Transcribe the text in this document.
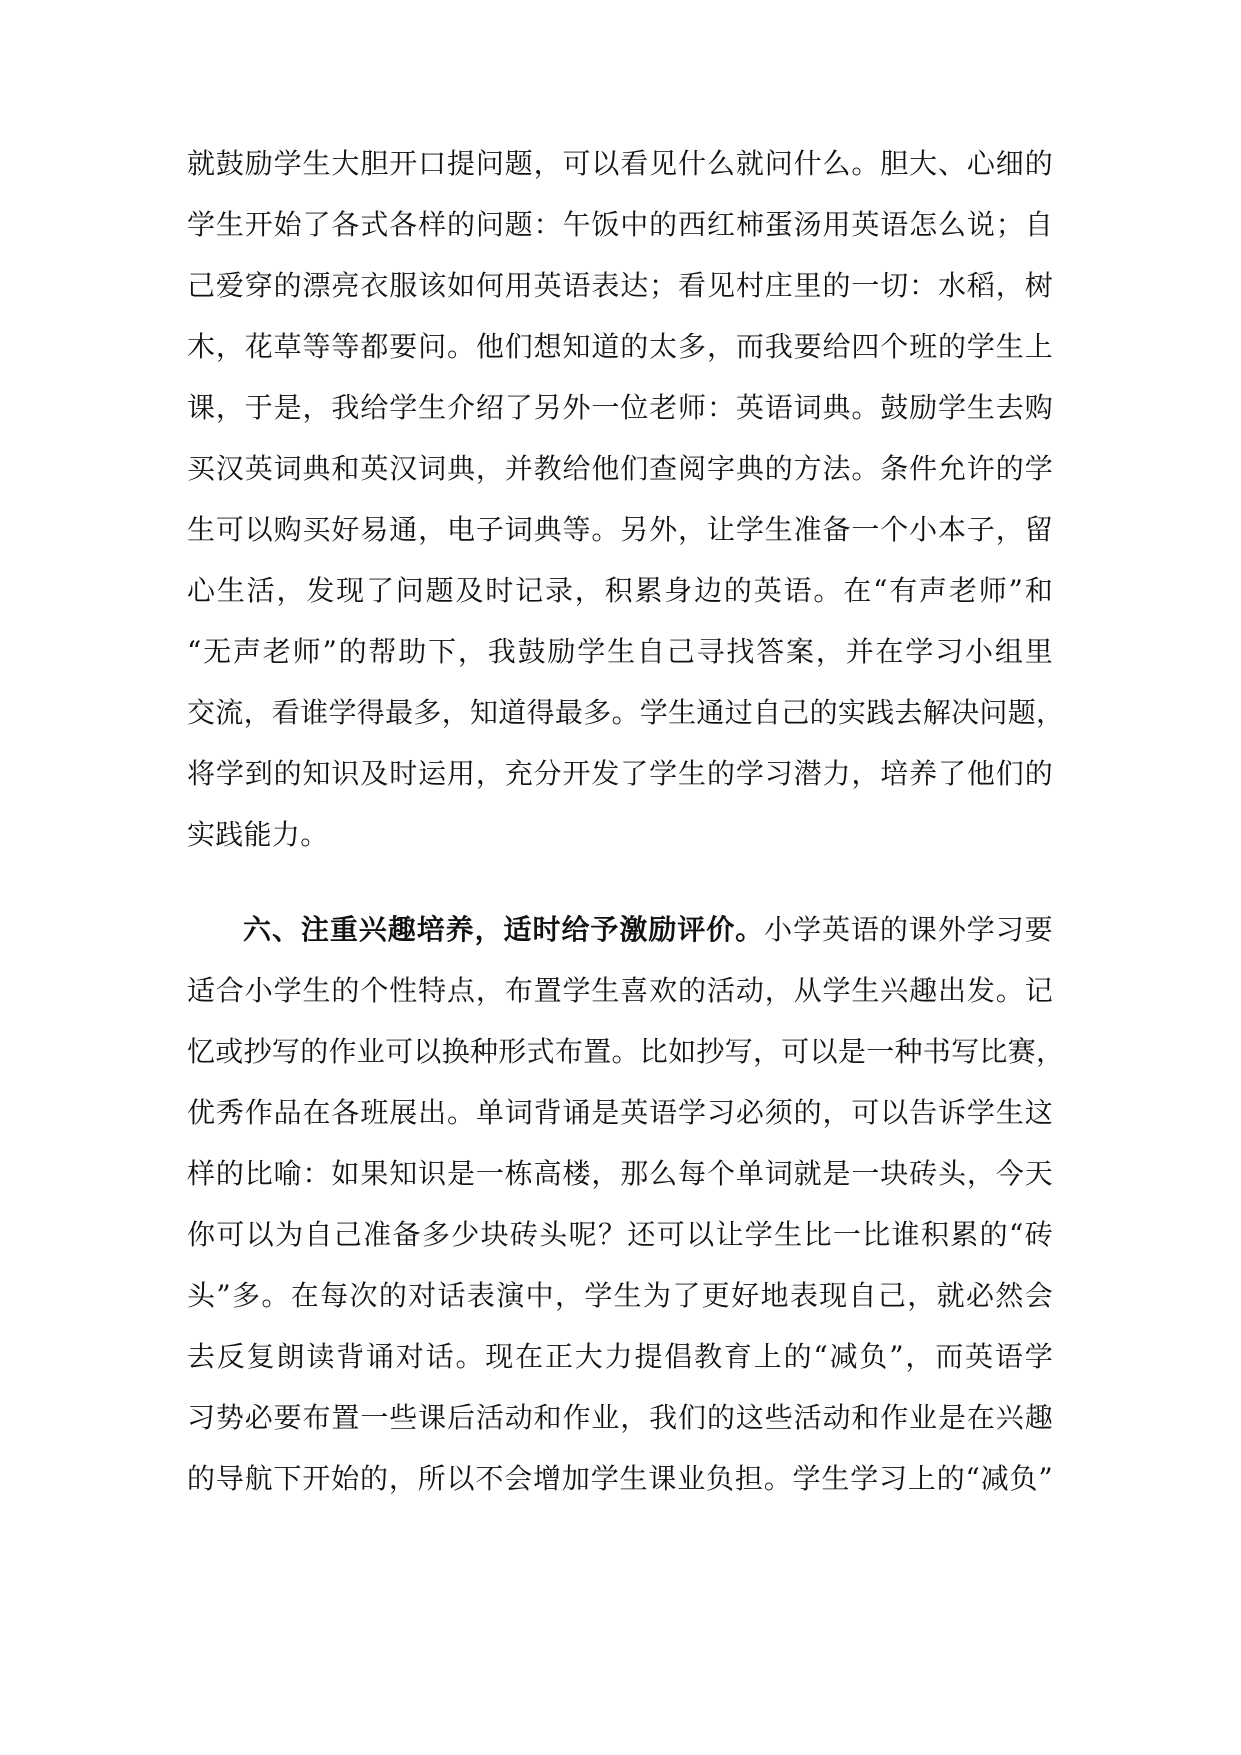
就鼓励学生大胆开口提问题，可以看见什么就问什么。胆大、心细的
学生开始了各式各样的问题：午饭中的西红柿蛋汤用英语怎么说；自
己爱穿的漂亮衣服该如何用英语表达；看见村庄里的一切：水稻，树
木，花草等等都要问。他们想知道的太多，而我要给四个班的学生上
课，于是，我给学生介绍了另外一位老师：英语词典。鼓励学生去购
买汉英词典和英汉词典，并教给他们查阅字典的方法。条件允许的学
生可以购买好易通，电子词典等。另外，让学生准备一个小本子，留
心生活，发现了问题及时记录，积累身边的英语。在“有声老师”和
“无声老师”的帮助下，我鼓励学生自己寻找答案，并在学习小组里
交流，看谁学得最多，知道得最多。学生通过自己的实践去解决问题，
将学到的知识及时运用，充分开发了学生的学习潜力，培养了他们的
实践能力。
六、注重兴趣培养，适时给予激励评价。小学英语的课外学习要
适合小学生的个性特点，布置学生喜欢的活动，从学生兴趣出发。记
忆或抄写的作业可以换种形式布置。比如抄写，可以是一种书写比赛，
优秀作品在各班展出。单词背诵是英语学习必须的，可以告诉学生这
样的比喻：如果知识是一栋高楼，那么每个单词就是一块砖头，今天
你可以为自己准备多少块砖头呢？还可以让学生比一比谁积累的“砖
头”多。在每次的对话表演中，学生为了更好地表现自己，就必然会
去反复朗读背诵对话。现在正大力提倡教育上的“减负”，而英语学
习势必要布置一些课后活动和作业，我们的这些活动和作业是在兴趣
的导航下开始的，所以不会增加学生课业负担。学生学习上的“减负”
